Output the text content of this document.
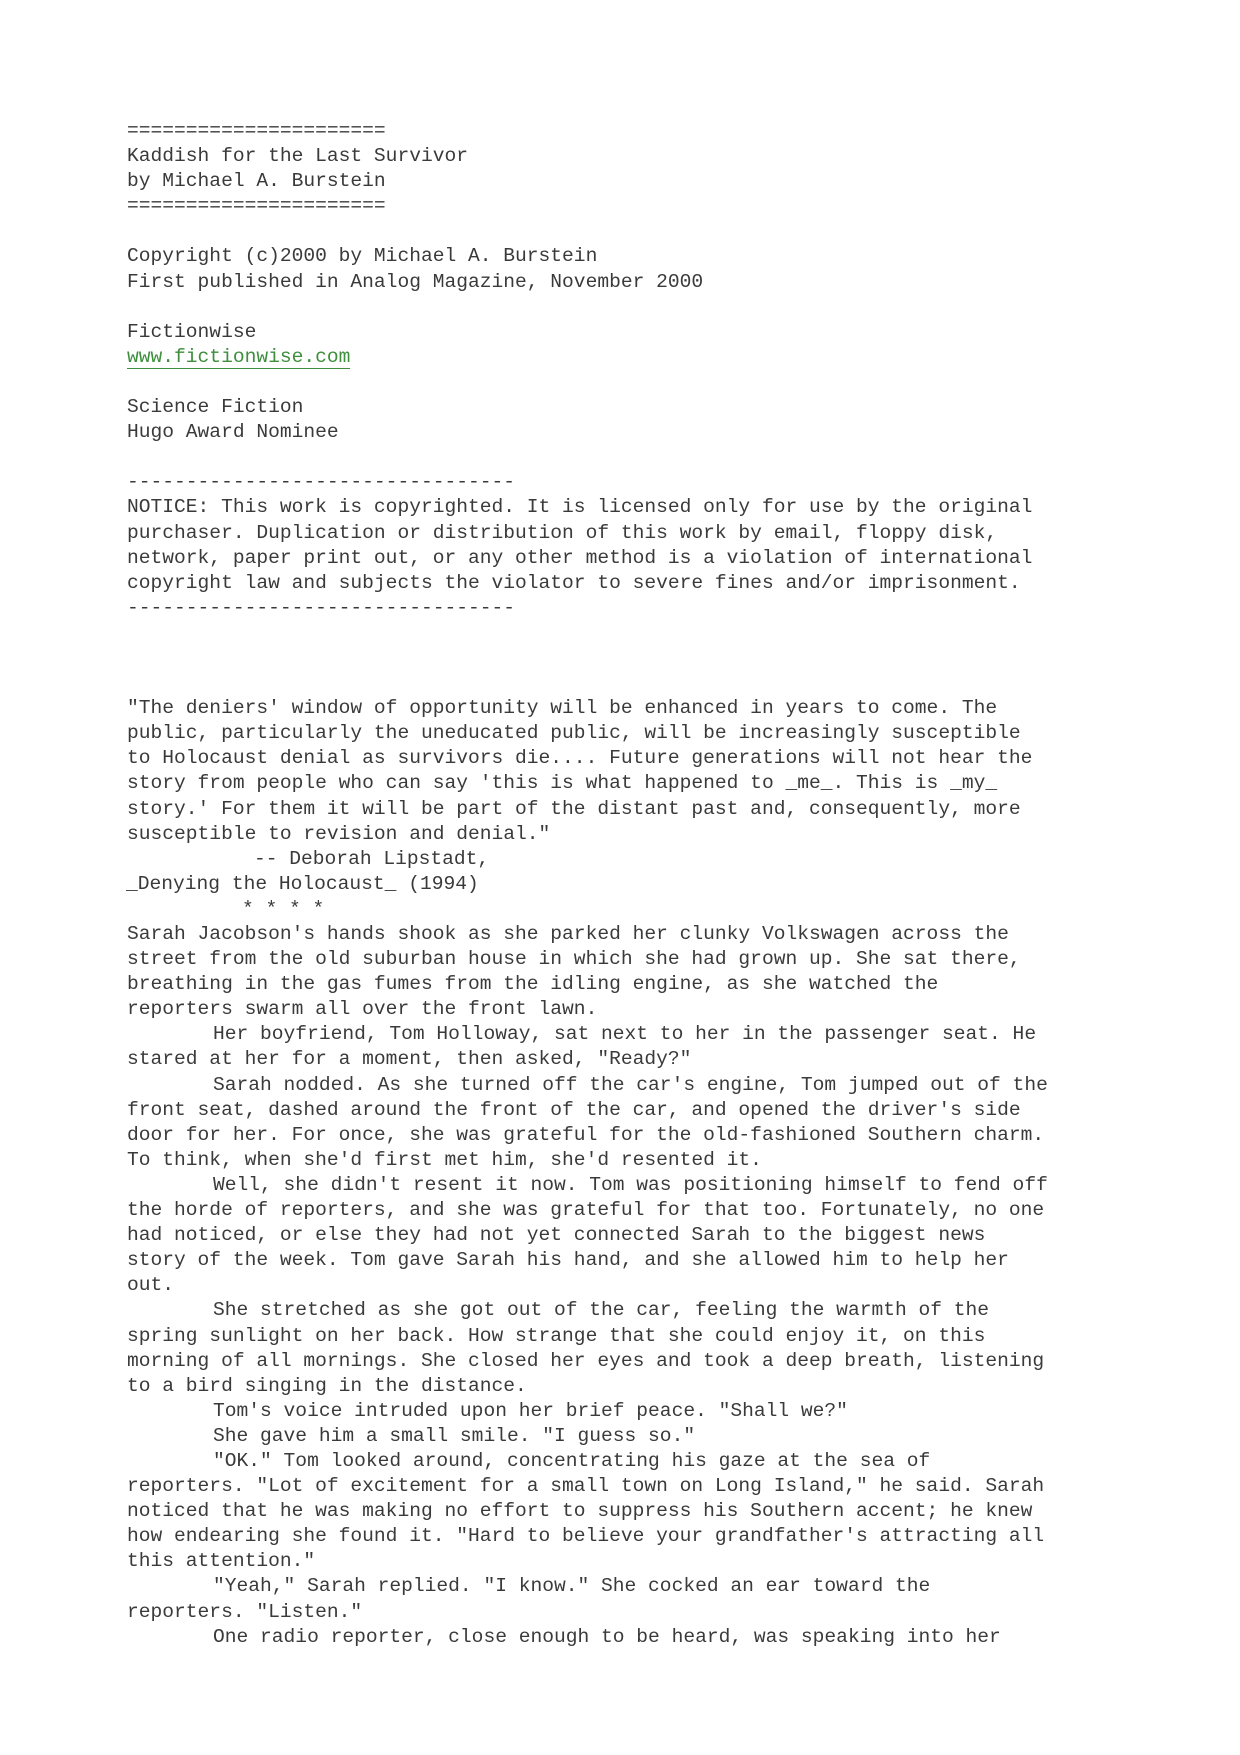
======================
Kaddish for the Last Survivor
by Michael A. Burstein
======================
Copyright (c)2000 by Michael A. Burstein
First published in Analog Magazine, November 2000
Fictionwise
www.fictionwise.com
Science Fiction
Hugo Award Nominee
---------------------------------
NOTICE: This work is copyrighted. It is licensed only for use by the original
purchaser. Duplication or distribution of this work by email, floppy disk,
network, paper print out, or any other method is a violation of international
copyright law and subjects the violator to severe fines and/or imprisonment.
---------------------------------
"The deniers' window of opportunity will be enhanced in years to come. The
public, particularly the uneducated public, will be increasingly susceptible
to Holocaust denial as survivors die.... Future generations will not hear the
story from people who can say 'this is what happened to _me_. This is _my_
story.' For them it will be part of the distant past and, consequently, more
susceptible to revision and denial."
-- Deborah Lipstadt,
_Denying the Holocaust_ (1994)
* * * *
Sarah Jacobson's hands shook as she parked her clunky Volkswagen across the
street from the old suburban house in which she had grown up. She sat there,
breathing in the gas fumes from the idling engine, as she watched the
reporters swarm all over the front lawn.
Her boyfriend, Tom Holloway, sat next to her in the passenger seat. He
stared at her for a moment, then asked, "Ready?"
Sarah nodded. As she turned off the car's engine, Tom jumped out of the
front seat, dashed around the front of the car, and opened the driver's side
door for her. For once, she was grateful for the old-fashioned Southern charm.
To think, when she'd first met him, she'd resented it.
Well, she didn't resent it now. Tom was positioning himself to fend off
the horde of reporters, and she was grateful for that too. Fortunately, no one
had noticed, or else they had not yet connected Sarah to the biggest news
story of the week. Tom gave Sarah his hand, and she allowed him to help her
out.
She stretched as she got out of the car, feeling the warmth of the
spring sunlight on her back. How strange that she could enjoy it, on this
morning of all mornings. She closed her eyes and took a deep breath, listening
to a bird singing in the distance.
Tom's voice intruded upon her brief peace. "Shall we?"
She gave him a small smile. "I guess so."
"OK." Tom looked around, concentrating his gaze at the sea of
reporters. "Lot of excitement for a small town on Long Island," he said. Sarah
noticed that he was making no effort to suppress his Southern accent; he knew
how endearing she found it. "Hard to believe your grandfather's attracting all
this attention."
"Yeah," Sarah replied. "I know." She cocked an ear toward the
reporters. "Listen."
One radio reporter, close enough to be heard, was speaking into her
